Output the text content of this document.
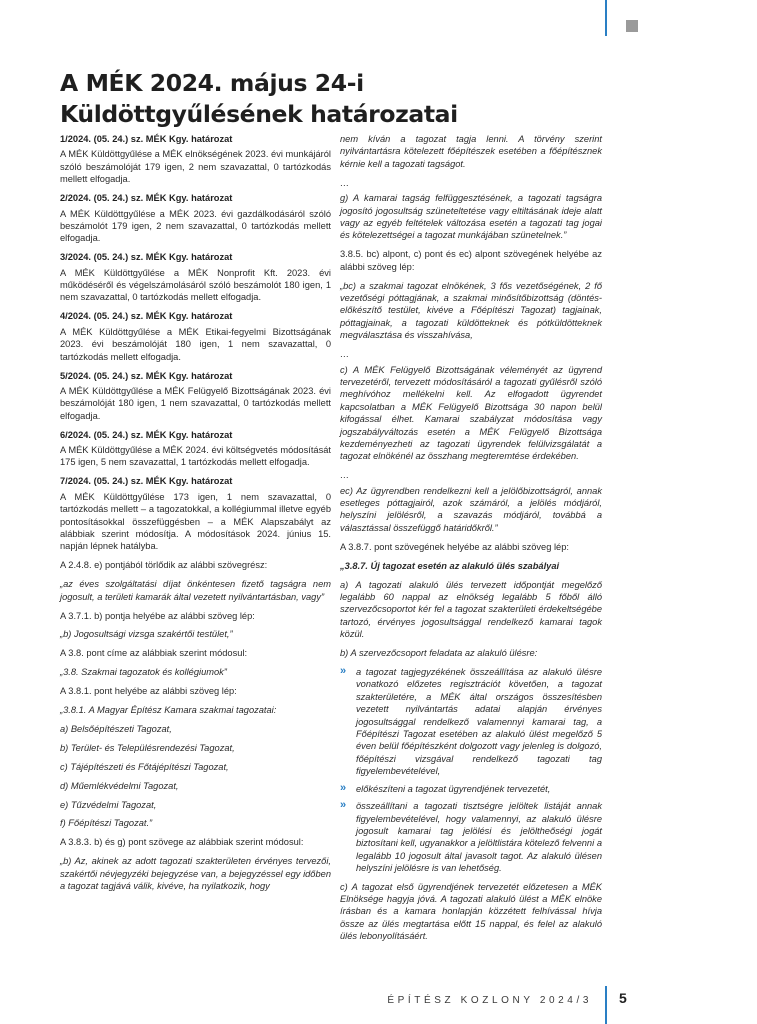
A MÉK 2024. május 24-i Küldöttgyűlésének határozatai

1/2024. (05. 24.) sz. MÉK Kgy. határozat

A MÉK Küldöttgyűlése a MÉK elnökségének 2023. évi munkájáról szóló beszámolóját 179 igen, 2 nem szavazattal, 0 tartózkodás mellett elfogadja.

2/2024. (05. 24.) sz. MÉK Kgy. határozat

A MÉK Küldöttgyűlése a MÉK 2023. évi gazdálkodásáról szóló beszámolót 179 igen, 2 nem szavazattal, 0 tartózkodás mellett elfogadja.

3/2024. (05. 24.) sz. MÉK Kgy. határozat

A MÉK Küldöttgyűlése a MÉK Nonprofit Kft. 2023. évi működéséről és végelszámolásáról szóló beszámolót 180 igen, 1 nem szavazattal, 0 tartózkodás mellett elfogadja.

4/2024. (05. 24.) sz. MÉK Kgy. határozat

A MÉK Küldöttgyűlése a MÉK Etikai-fegyelmi Bizottságának 2023. évi beszámolóját 180 igen, 1 nem szavazattal, 0 tartózkodás mellett elfogadja.

5/2024. (05. 24.) sz. MÉK Kgy. határozat

A MÉK Küldöttgyűlése a MÉK Felügyelő Bizottságának 2023. évi beszámolóját 180 igen, 1 nem szavazattal, 0 tartózkodás mellett elfogadja.

6/2024. (05. 24.) sz. MÉK Kgy. határozat

A MÉK Küldöttgyűlése a MÉK 2024. évi költségvetés módosítását 175 igen, 5 nem szavazattal, 1 tartózkodás mellett elfogadja.

7/2024. (05. 24.) sz. MÉK Kgy. határozat

A MÉK Küldöttgyűlése 173 igen, 1 nem szavazattal, 0 tartózkodás mellett – a tagozatokkal, a kollégiummal illetve egyéb pontosításokkal összefüggésben – a MÉK Alapszabályt az alábbiak szerint módosítja. A módosítások 2024. június 15. napján lépnek hatályba.

A 2.4.8. e) pontjából törlődik az alábbi szövegrész:

„az éves szolgáltatási díjat önkéntesen fizető tagságra nem jogosult, a területi kamarák által vezetett nyilvántartásban, vagy”

A 3.7.1. b) pontja helyébe az alábbi szöveg lép:

„b) Jogosultsági vizsga szakértői testület,”

A 3.8. pont címe az alábbiak szerint módosul:

„3.8. Szakmai tagozatok és kollégiumok”

A 3.8.1. pont helyébe az alábbi szöveg lép:

„3.8.1. A Magyar Építész Kamara szakmai tagozatai:

a) Belsőépítészeti Tagozat,

b) Terület- és Településrendezési Tagozat,

c) Tájépítészeti és Főtájépítészi Tagozat,

d) Műemlékvédelmi Tagozat,

e) Tűzvédelmi Tagozat,

f) Főépítészi Tagozat.”

A 3.8.3. b) és g) pont szövege az alábbiak szerint módosul:

„b) Az, akinek az adott tagozati szakterületen érvényes tervezői, szakértői névjegyzéki bejegyzése van, a bejegyzéssel egy időben a tagozat tagjává válik, kivéve, ha nyilatkozik, hogy

nem kíván a tagozat tagja lenni. A törvény szerint nyilvántartásra kötelezett főépítészek esetében a főépítésznek kérnie kell a tagozati tagságot.

…

g) A kamarai tagság felfüggesztésének, a tagozati tagságra jogosító jogosultság szüneteltetése vagy eltiltásának ideje alatt vagy az egyéb feltételek változása esetén a tagozati tag jogai és kötelezettségei a tagozat munkájában szünetelnek.”

3.8.5. bc) alpont, c) pont és ec) alpont szövegének helyébe az alábbi szöveg lép:

„bc) a szakmai tagozat elnökének, 3 fős vezetőségének, 2 fő vezetőségi póttagjának, a szakmai minősítőbizottság (döntés-előkészítő testület, kivéve a Főépítészi Tagozat) tagjainak, póttagjainak, a tagozati küldötteknek és pótküldötteknek megválasztása és visszahívása,

…

c) A MÉK Felügyelő Bizottságának véleményét az ügyrend tervezetéről, tervezett módosításáról a tagozati gyűlésről szóló meghívóhoz mellékelni kell. Az elfogadott ügyrendet kapcsolatban a MÉK Felügyelő Bizottsága 30 napon belül kifogással élhet. Kamarai szabályzat módosítása vagy jogszabályváltozás esetén a MÉK Felügyelő Bizottsága kezdeményezheti az tagozati ügyrendek felülvizsgálatát a tagozat elnökénél az összhang megteremtése érdekében.

…

ec) Az ügyrendben rendelkezni kell a jelölőbizottságról, annak esetleges póttagjairól, azok számáról, a jelölés módjáról, helyszíni jelölésről, a szavazás módjáról, továbbá a választással összefüggő határidőkről.”

A 3.8.7. pont szövegének helyébe az alábbi szöveg lép:

„3.8.7. Új tagozat esetén az alakuló ülés szabályai

a) A tagozati alakuló ülés tervezett időpontját megelőző legalább 60 nappal az elnökség legalább 5 főből álló szervezőcsoportot kér fel a tagozat szakterületi érdekeltségébe tartozó, érvényes jogosultsággal rendelkező kamarai tagok közül.

b) A szervezőcsoport feladata az alakuló ülésre:

» a tagozat tagjegyzékének összeállítása az alakuló ülésre vonatkozó előzetes regisztrációt követően, a tagozat szakterületére, a MÉK által országos összesítésben vezetett nyilvántartás adatai alapján érvényes jogosultsággal rendelkező valamennyi kamarai tag, a Főépítészi Tagozat esetében az alakuló ülést megelőző 5 éven belül főépítészként dolgozott vagy jelenleg is dolgozó, főépítészi vizsgával rendelkező tagozati tag figyelembevételével,
» előkészíteni a tagozat ügyrendjének tervezetét,
» összeállítani a tagozati tisztségre jelöltek listáját annak figyelembevételével, hogy valamennyi, az alakuló ülésre jogosult kamarai tag jelölési és jelöltheőségi jogát biztosítani kell, ugyanakkor a jelöltlistára kötelező felvenni a legalább 10 jogosult által javasolt tagot. Az alakuló ülésen helyszíni jelölésre is van lehetőség.

c) A tagozat első ügyrendjének tervezetét előzetesen a MÉK Elnöksége hagyja jóvá. A tagozati alakuló ülést a MÉK elnöke írásban és a kamara honlapján közzétett felhívással hívja össze az ülés megtartása előtt 15 nappal, és felel az alakuló ülés lebonyolításáért.

ÉPÍTÉSZ KOZLONY 2024/3 5
